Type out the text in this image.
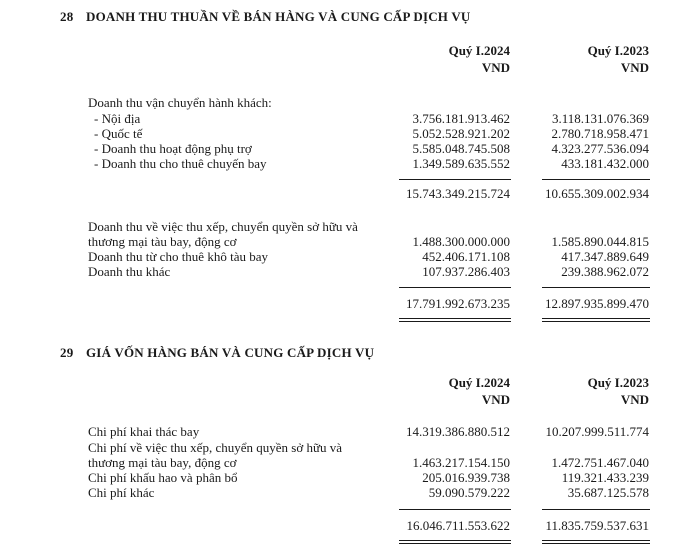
28 DOANH THU THUẦN VỀ BÁN HÀNG VÀ CUNG CẤP DỊCH VỤ
Quý I.2024
VND
Quý I.2023
VND
Doanh thu vận chuyển hành khách:
- Nội địa	3.756.181.913.462	3.118.131.076.369
- Quốc tế	5.052.528.921.202	2.780.718.958.471
- Doanh thu hoạt động phụ trợ	5.585.048.745.508	4.323.277.536.094
- Doanh thu cho thuê chuyến bay	1.349.589.635.552	433.181.432.000
15.743.349.215.724	10.655.309.002.934
Doanh thu về việc thu xếp, chuyển quyền sở hữu và
thương mại tàu bay, động cơ	1.488.300.000.000	1.585.890.044.815
Doanh thu từ cho thuê khô tàu bay	452.406.171.108	417.347.889.649
Doanh thu khác	107.937.286.403	239.388.962.072
17.791.992.673.235	12.897.935.899.470
29 GIÁ VỐN HÀNG BÁN VÀ CUNG CẤP DỊCH VỤ
Quý I.2024
VND
Quý I.2023
VND
Chi phí khai thác bay	14.319.386.880.512	10.207.999.511.774
Chi phí về việc thu xếp, chuyển quyền sở hữu và
thương mại tàu bay, động cơ	1.463.217.154.150	1.472.751.467.040
Chi phí khấu hao và phân bổ	205.016.939.738	119.321.433.239
Chi phí khác	59.090.579.222	35.687.125.578
16.046.711.553.622	11.835.759.537.631
